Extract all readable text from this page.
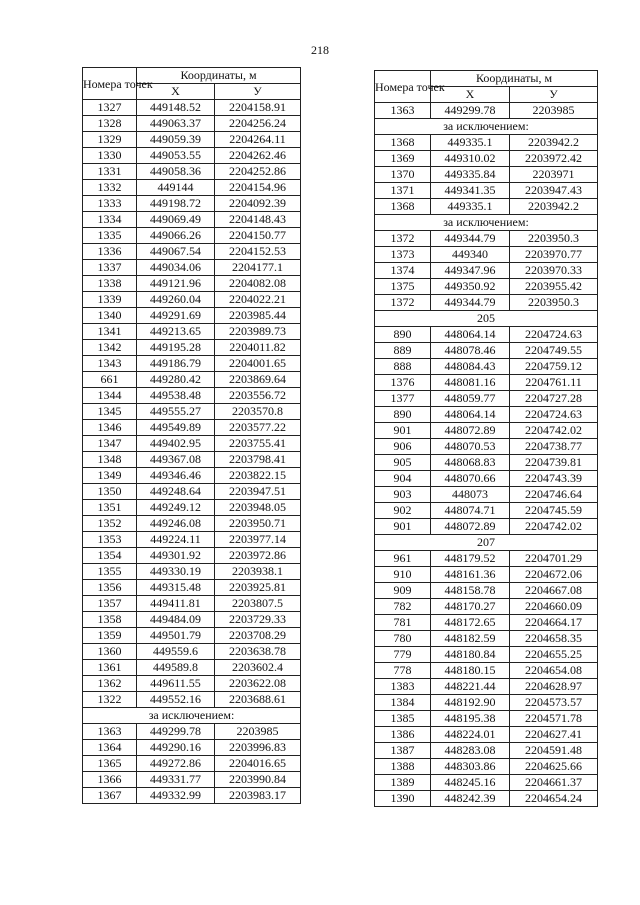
218
Номера точек	Координаты, м	
	X	У
1327	449148.52	2204158.91
1328	449063.37	2204256.24
1329	449059.39	2204264.11
1330	449053.55	2204262.46
1331	449058.36	2204252.86
1332	449144	2204154.96
1333	449198.72	2204092.39
1334	449069.49	2204148.43
1335	449066.26	2204150.77
1336	449067.54	2204152.53
1337	449034.06	2204177.1
1338	449121.96	2204082.08
1339	449260.04	2204022.21
1340	449291.69	2203985.44
1341	449213.65	2203989.73
1342	449195.28	2204011.82
1343	449186.79	2204001.65
661	449280.42	2203869.64
1344	449538.48	2203556.72
1345	449555.27	2203570.8
1346	449549.89	2203577.22
1347	449402.95	2203755.41
1348	449367.08	2203798.41
1349	449346.46	2203822.15
1350	449248.64	2203947.51
1351	449249.12	2203948.05
1352	449246.08	2203950.71
1353	449224.11	2203977.14
1354	449301.92	2203972.86
1355	449330.19	2203938.1
1356	449315.48	2203925.81
1357	449411.81	2203807.5
1358	449484.09	2203729.33
1359	449501.79	2203708.29
1360	449559.6	2203638.78
1361	449589.8	2203602.4
1362	449611.55	2203622.08
1322	449552.16	2203688.61
за исключением:		
1363	449299.78	2203985
1364	449290.16	2203996.83
1365	449272.86	2204016.65
1366	449331.77	2203990.84
1367	449332.99	2203983.17
Номера точек	Координаты, м	
	X	У
1363	449299.78	2203985
за исключением:		
1368	449335.1	2203942.2
1369	449310.02	2203972.42
1370	449335.84	2203971
1371	449341.35	2203947.43
1368	449335.1	2203942.2
за исключением:		
1372	449344.79	2203950.3
1373	449340	2203970.77
1374	449347.96	2203970.33
1375	449350.92	2203955.42
1372	449344.79	2203950.3
205		
890	448064.14	2204724.63
889	448078.46	2204749.55
888	448084.43	2204759.12
1376	448081.16	2204761.11
1377	448059.77	2204727.28
890	448064.14	2204724.63
901	448072.89	2204742.02
906	448070.53	2204738.77
905	448068.83	2204739.81
904	448070.66	2204743.39
903	448073	2204746.64
902	448074.71	2204745.59
901	448072.89	2204742.02
207		
961	448179.52	2204701.29
910	448161.36	2204672.06
909	448158.78	2204667.08
782	448170.27	2204660.09
781	448172.65	2204664.17
780	448182.59	2204658.35
779	448180.84	2204655.25
778	448180.15	2204654.08
1383	448221.44	2204628.97
1384	448192.90	2204573.57
1385	448195.38	2204571.78
1386	448224.01	2204627.41
1387	448283.08	2204591.48
1388	448303.86	2204625.66
1389	448245.16	2204661.37
1390	448242.39	2204654.24
